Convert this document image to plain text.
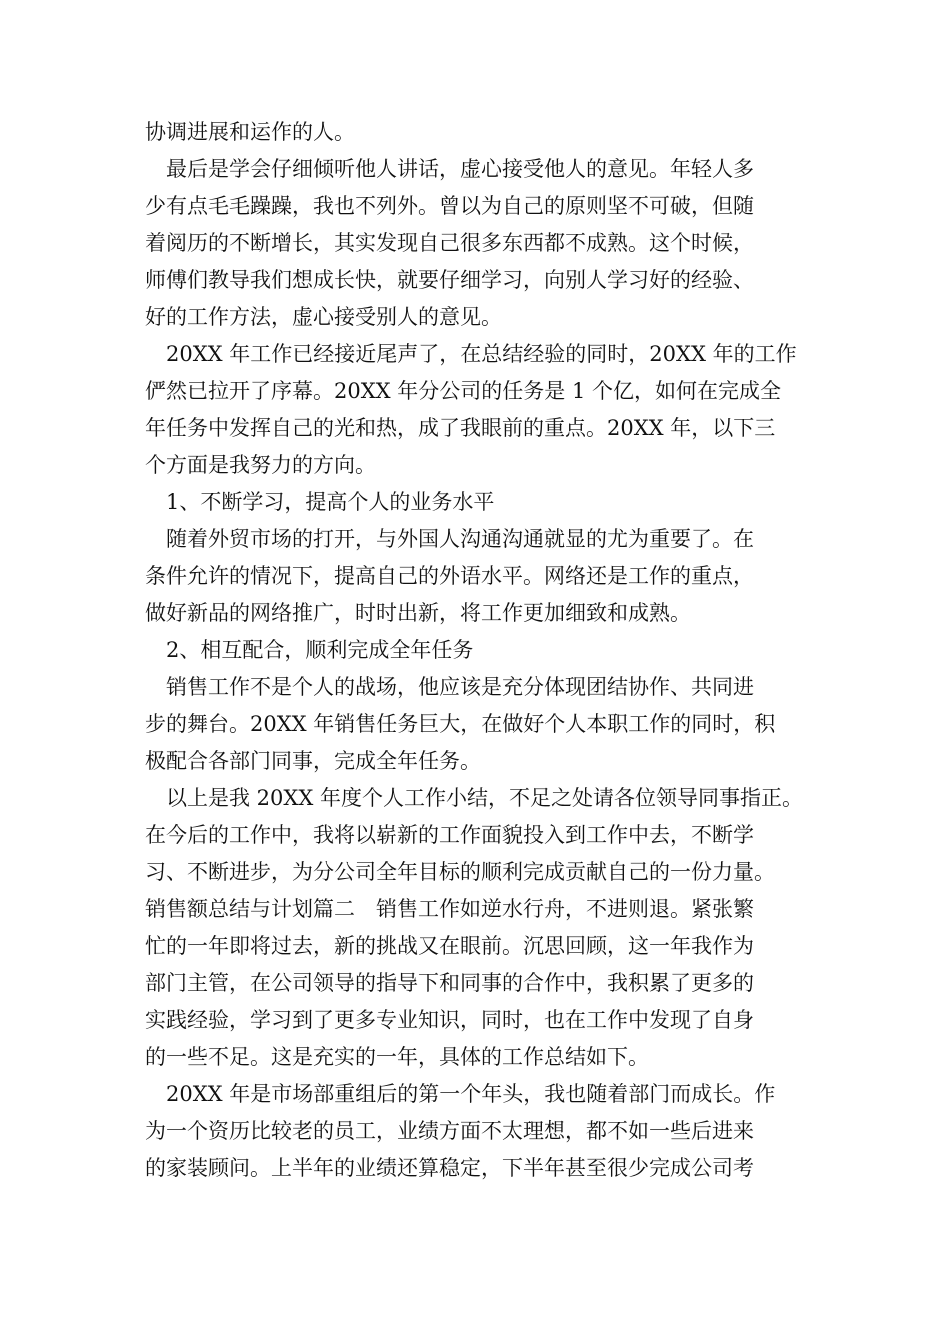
协调进展和运作的人。
最后是学会仔细倾听他人讲话，虚心接受他人的意见。年轻人多
少有点毛毛躁躁，我也不列外。曾以为自己的原则坚不可破，但随
着阅历的不断增长，其实发现自己很多东西都不成熟。这个时候，
师傅们教导我们想成长快，就要仔细学习，向别人学习好的经验、
好的工作方法，虚心接受别人的意见。
20XX 年工作已经接近尾声了，在总结经验的同时，20XX 年的工作
俨然已拉开了序幕。20XX 年分公司的任务是 1 个亿，如何在完成全
年任务中发挥自己的光和热，成了我眼前的重点。20XX 年，以下三
个方面是我努力的方向。
1、不断学习，提高个人的业务水平
随着外贸市场的打开，与外国人沟通沟通就显的尤为重要了。在
条件允许的情况下，提高自己的外语水平。网络还是工作的重点，
做好新品的网络推广，时时出新，将工作更加细致和成熟。
2、相互配合，顺利完成全年任务
销售工作不是个人的战场，他应该是充分体现团结协作、共同进
步的舞台。20XX 年销售任务巨大，在做好个人本职工作的同时，积
极配合各部门同事，完成全年任务。
以上是我 20XX 年度个人工作小结，不足之处请各位领导同事指正。
在今后的工作中，我将以崭新的工作面貌投入到工作中去，不断学
习、不断进步，为分公司全年目标的顺利完成贡献自己的一份力量。
销售额总结与计划篇二　销售工作如逆水行舟，不进则退。紧张繁
忙的一年即将过去，新的挑战又在眼前。沉思回顾，这一年我作为
部门主管，在公司领导的指导下和同事的合作中，我积累了更多的
实践经验，学习到了更多专业知识，同时，也在工作中发现了自身
的一些不足。这是充实的一年，具体的工作总结如下。
20XX 年是市场部重组后的第一个年头，我也随着部门而成长。作
为一个资历比较老的员工，业绩方面不太理想，都不如一些后进来
的家装顾问。上半年的业绩还算稳定，下半年甚至很少完成公司考
